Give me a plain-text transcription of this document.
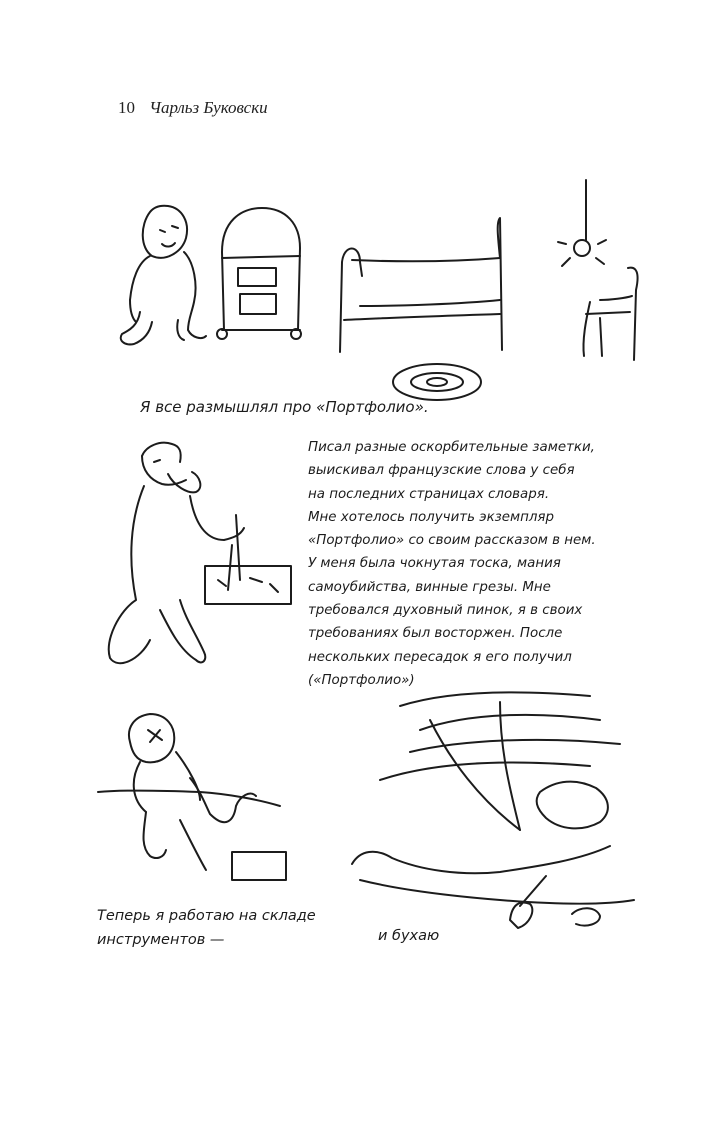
10 Чарльз Буковски
Я все размышлял про «Портфолио».
Писал разные оскорбительные заметки,
выискивал французские слова у себя
на последних страницах словаря.
Мне хотелось получить экземпляр
«Портфолио» со своим рассказом в нем.
У меня была чокнутая тоска, мания
самоубийства, винные грезы. Мне
требовался духовный пинок, я в своих
требованиях был восторжен. После
нескольких пересадок я его получил
(«Портфолио»)
Теперь я работаю на складе
инструментов —	и бухаю
